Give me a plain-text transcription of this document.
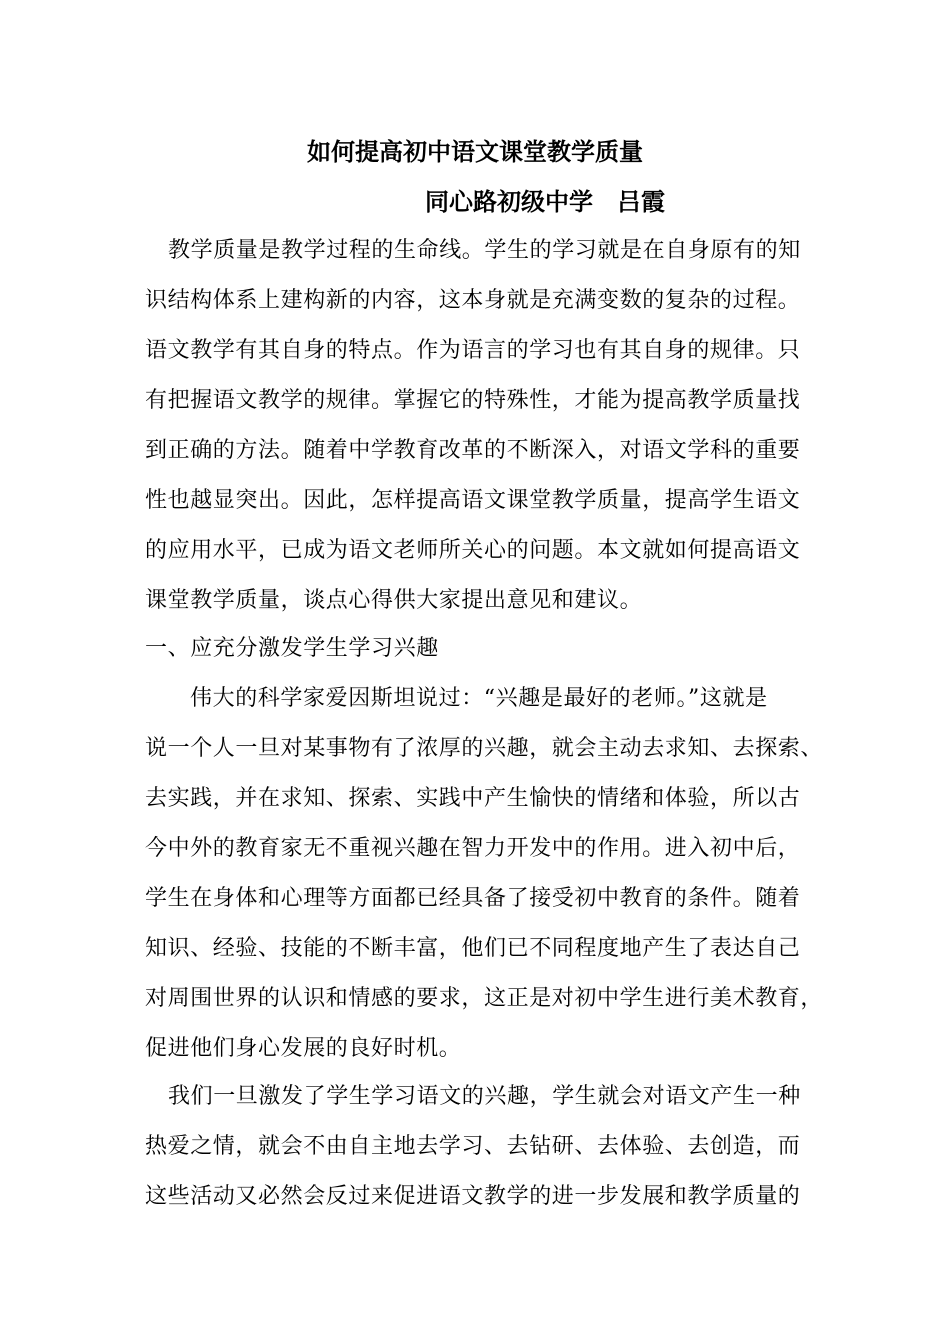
如何提高初中语文课堂教学质量
同心路初级中学　吕霞
教学质量是教学过程的生命线。学生的学习就是在自身原有的知
识结构体系上建构新的内容，这本身就是充满变数的复杂的过程。
语文教学有其自身的特点。作为语言的学习也有其自身的规律。只
有把握语文教学的规律。掌握它的特殊性，才能为提高教学质量找
到正确的方法。随着中学教育改革的不断深入，对语文学科的重要
性也越显突出。因此，怎样提高语文课堂教学质量，提高学生语文
的应用水平，已成为语文老师所关心的问题。本文就如何提高语文
课堂教学质量，谈点心得供大家提出意见和建议。
一、应充分激发学生学习兴趣
伟大的科学家爱因斯坦说过：“兴趣是最好的老师。”这就是
说一个人一旦对某事物有了浓厚的兴趣，就会主动去求知、去探索、
去实践，并在求知、探索、实践中产生愉快的情绪和体验，所以古
今中外的教育家无不重视兴趣在智力开发中的作用。进入初中后，
学生在身体和心理等方面都已经具备了接受初中教育的条件。随着
知识、经验、技能的不断丰富，他们已不同程度地产生了表达自己
对周围世界的认识和情感的要求，这正是对初中学生进行美术教育，
促进他们身心发展的良好时机。
我们一旦激发了学生学习语文的兴趣，学生就会对语文产生一种
热爱之情，就会不由自主地去学习、去钻研、去体验、去创造，而
这些活动又必然会反过来促进语文教学的进一步发展和教学质量的
